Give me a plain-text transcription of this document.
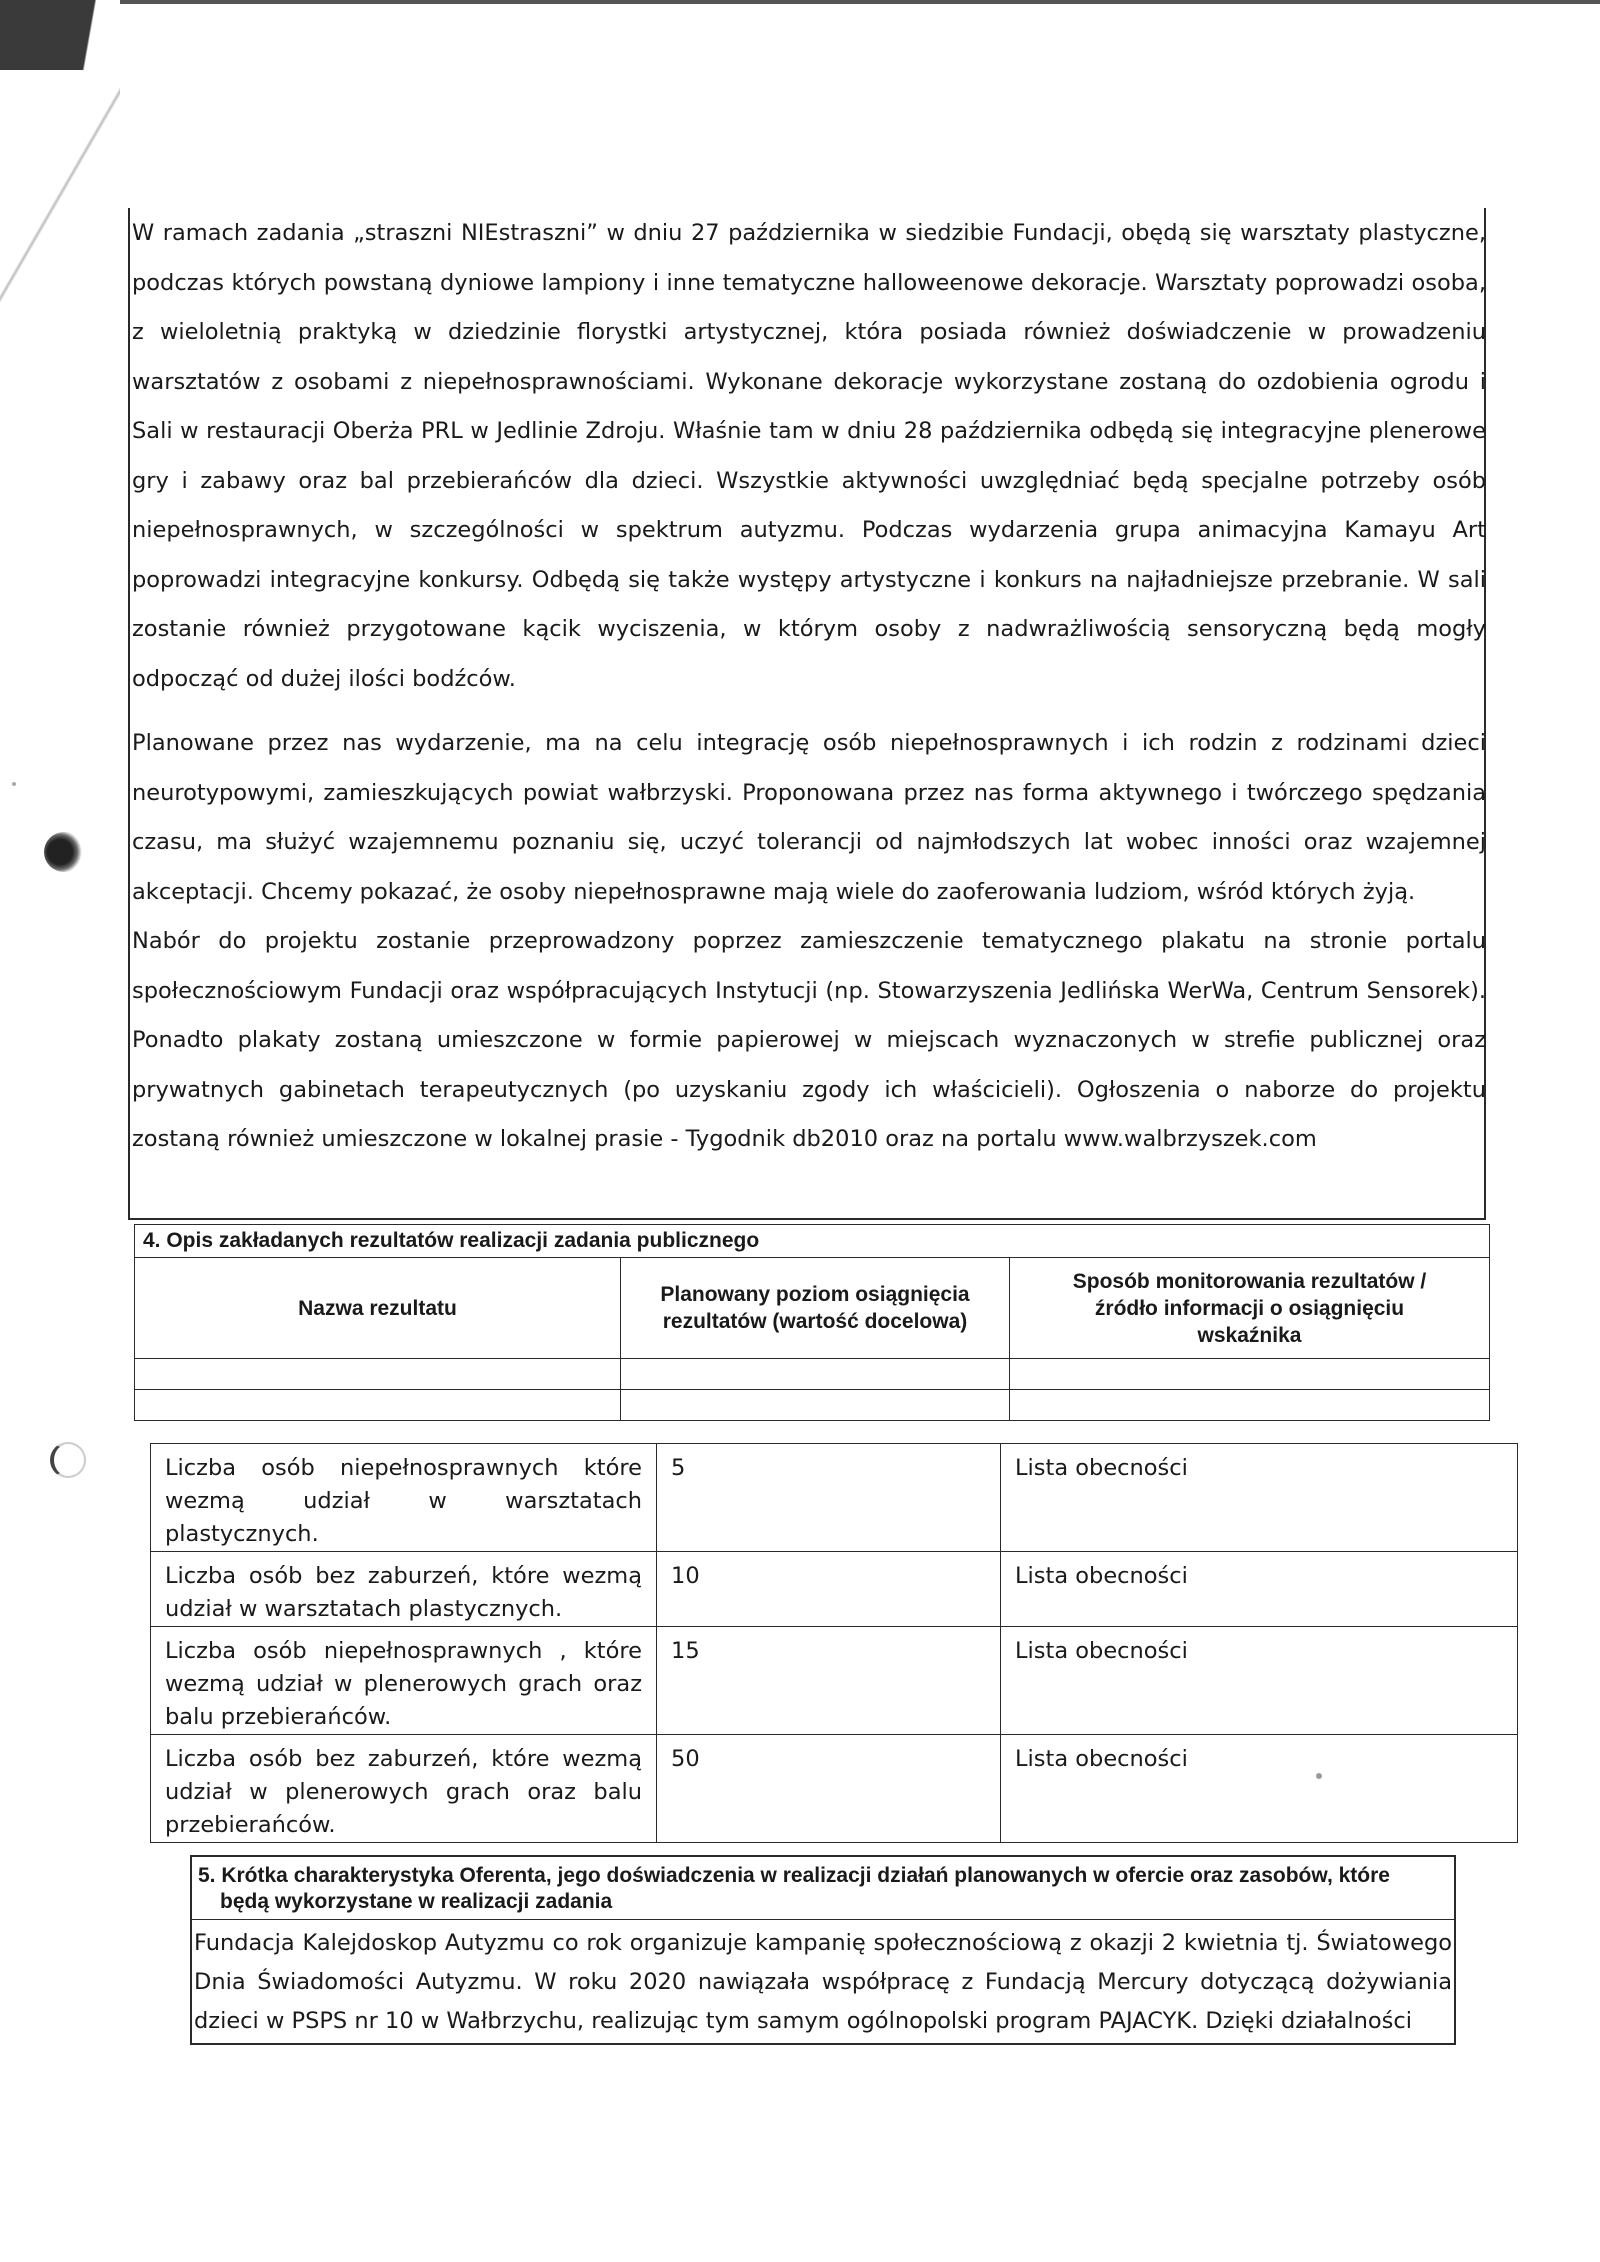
W ramach zadania „straszni NIEstraszni” w dniu 27 października w siedzibie Fundacji, obędą się warsztaty plastyczne, podczas których powstaną dyniowe lampiony i inne tematyczne halloweenowe dekoracje. Warsztaty poprowadzi osoba, z wieloletnią praktyką w dziedzinie florystki artystycznej, która posiada również doświadczenie w prowadzeniu warsztatów z osobami z niepełnosprawnościami. Wykonane dekoracje wykorzystane zostaną do ozdobienia ogrodu i Sali w restauracji Oberża PRL w Jedlinie Zdroju. Właśnie tam w dniu 28 października odbędą się integracyjne plenerowe gry i zabawy oraz bal przebierańców dla dzieci. Wszystkie aktywności uwzględniać będą specjalne potrzeby osób niepełnosprawnych, w szczególności w spektrum autyzmu. Podczas wydarzenia grupa animacyjna Kamayu Art poprowadzi integracyjne konkursy. Odbędą się także występy artystyczne i konkurs na najładniejsze przebranie. W sali zostanie również przygotowane kącik wyciszenia, w którym osoby z nadwrażliwością sensoryczną będą mogły odpocząć od dużej ilości bodźców.

Planowane przez nas wydarzenie, ma na celu integrację osób niepełnosprawnych i ich rodzin z rodzinami dzieci neurotypowymi, zamieszkujących powiat wałbrzyski. Proponowana przez nas forma aktywnego i twórczego spędzania czasu, ma służyć wzajemnemu poznaniu się, uczyć tolerancji od najmłodszych lat wobec inności oraz wzajemnej akceptacji. Chcemy pokazać, że osoby niepełnosprawne mają wiele do zaoferowania ludziom, wśród których żyją.

Nabór do projektu zostanie przeprowadzony poprzez zamieszczenie tematycznego plakatu na stronie portalu społecznościowym Fundacji oraz współpracujących Instytucji (np. Stowarzyszenia Jedlińska WerWa, Centrum Sensorek). Ponadto plakaty zostaną umieszczone w formie papierowej w miejscach wyznaczonych w strefie publicznej oraz prywatnych gabinetach terapeutycznych (po uzyskaniu zgody ich właścicieli). Ogłoszenia o naborze do projektu zostaną również umieszczone w lokalnej prasie - Tygodnik db2010 oraz na portalu www.walbrzyszek.com

4. Opis zakładanych rezultatów realizacji zadania publicznego		
Nazwa rezultatu	Planowany poziom osiągnięcia rezultatów (wartość docelowa)	Sposób monitorowania rezultatów / źródło informacji o osiągnięciu wskaźnika

Liczba osób niepełnosprawnych które wezmą udział w warsztatach plastycznych.	5	Lista obecności
Liczba osób bez zaburzeń, które wezmą udział w warsztatach plastycznych.	10	Lista obecności
Liczba osób niepełnosprawnych , które wezmą udział w plenerowych grach oraz balu przebierańców.	15	Lista obecności
Liczba osób bez zaburzeń, które wezmą udział w plenerowych grach oraz balu przebierańców.	50	Lista obecności
5. Krótka charakterystyka Oferenta, jego doświadczenia w realizacji działań planowanych w ofercie oraz zasobów, które
będą wykorzystane w realizacji zadania
Fundacja Kalejdoskop Autyzmu co rok organizuje kampanię społecznościową z okazji 2 kwietnia tj. Światowego Dnia Świadomości Autyzmu. W roku 2020 nawiązała współpracę z Fundacją Mercury dotyczącą dożywiania dzieci w PSPS nr 10 w Wałbrzychu, realizując tym samym ogólnopolski program PAJACYK. Dzięki działalności
